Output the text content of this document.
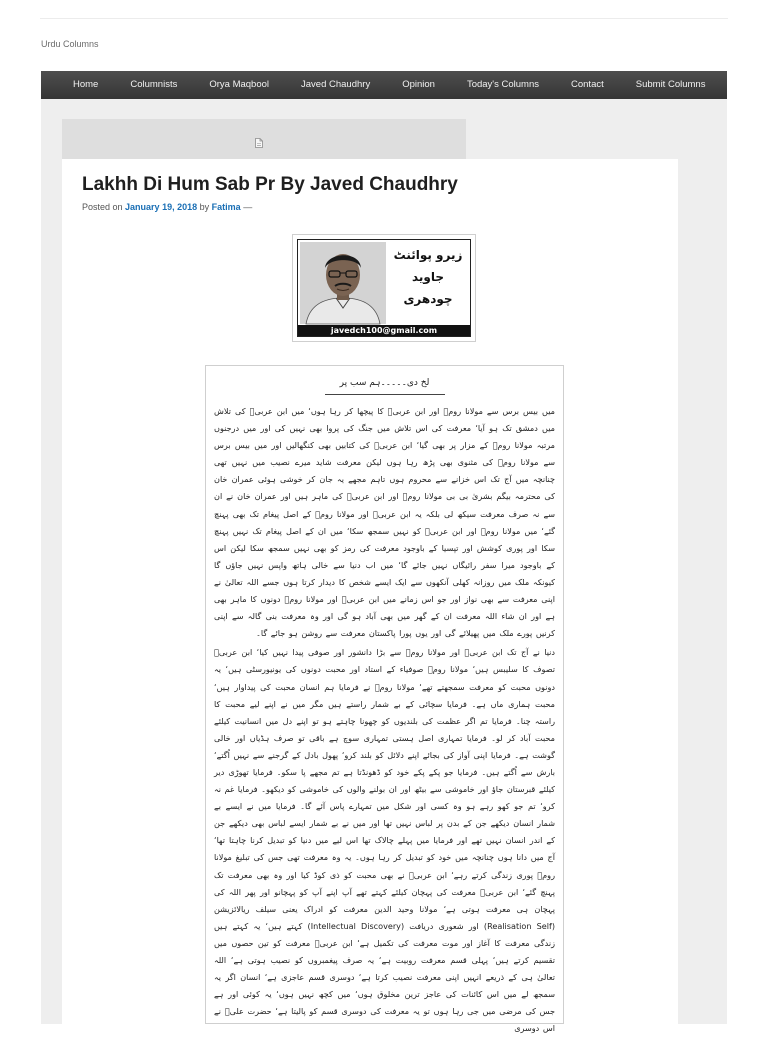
Urdu Columns
Home	Columnists	Orya Maqbool	Javed Chaudhry	Opinion	Today's Columns	Contact	Submit Columns
Lakhh Di Hum Sab Pr By Javed Chaudhry
Posted on January 19, 2018 by Fatima —
زیرو پوائنٹ
جاوید چودھری
javedch100@gmail.com
لخ دی۔۔۔۔۔ہم سب پر

میں بیس برس سے مولانا رومؒ اور ابن عربیؒ کا پیچھا کر رہا ہوں‘ میں ابن عربیؒ کی تلاش میں دمشق تک ہو آیا‘ معرفت کی اس تلاش میں جنگ کی پروا بھی نہیں کی اور میں درجنوں مرتبہ مولانا رومؒ کے مزار پر بھی گیا‘ ابن عربیؒ کی کتابیں بھی کنگھالیں اور میں بیس برس سے مولانا رومؒ کی مثنوی بھی پڑھ رہا ہوں لیکن معرفت شاید میرے نصیب میں نہیں تھی چنانچہ میں آج تک اس خزانے سے محروم ہوں تاہم مجھے یہ جان کر خوشی ہوئی عمران خان کی محترمہ بیگم بشریٰ بی بی مولانا رومؒ اور ابن عربیؒ کی ماہر ہیں اور عمران خان نے ان سے نہ صرف معرفت سیکھ لی بلکہ یہ ابن عربیؒ اور مولانا رومؒ کے اصل پیغام تک بھی پہنچ گئے‘ میں مولانا رومؒ اور ابن عربیؒ کو نہیں سمجھ سکا‘ میں ان کے اصل پیغام تک نہیں پہنچ سکا اور پوری کوشش اور تپسیا کے باوجود معرفت کی رمز کو بھی نہیں سمجھ سکا لیکن اس کے باوجود میرا سفر رائیگاں نہیں جائے گا‘ میں اب دنیا سے خالی ہاتھ واپس نہیں جاؤں گا کیونکہ ملک میں روزانہ کھلی آنکھوں سے ایک ایسے شخص کا دیدار کرتا ہوں جسے اللہ تعالیٰ نے اپنی معرفت سے بھی نواز اور جو اس زمانے میں ابن عربیؒ اور مولانا رومؒ دونوں کا ماہر بھی ہے اور ان شاء اللہ معرفت ان کے گھر میں بھی آباد ہو گی اور وہ معرفت بنی گالہ سے اپنی کرنیں پورے ملک میں پھیلائے گی اور یوں پورا پاکستان معرفت سے روشن ہو جائے گا۔

دنیا نے آج تک ابن عربیؒ اور مولانا رومؒ سے بڑا دانشور اور صوفی پیدا نہیں کیا‘ ابن عربیؒ تصوف کا سلیبس ہیں‘ مولانا رومؒ صوفیاء کے استاد اور محبت دونوں کی یونیورسٹی ہیں‘ یہ دونوں محبت کو معرفت سمجھتے تھے‘ مولانا رومؒ نے فرمایا ہم انسان محبت کی پیداوار ہیں‘ محبت ہماری ماں ہے۔ فرمایا سچائی کے بے شمار راستے ہیں مگر میں نے اپنے لیے محبت کا راستہ چنا۔ فرمایا تم اگر عظمت کی بلندیوں کو چھونا چاہتے ہو تو اپنے دل میں انسانیت کیلئے محبت آباد کر لو۔ فرمایا تمہاری اصل ہستی تمہاری سوچ ہے باقی تو صرف ہڈیاں اور خالی گوشت ہے۔ فرمایا اپنی آواز کی بجائے اپنے دلائل کو بلند کرو‘ پھول بادل کے گرجنے سے نہیں اُگتے‘ بارش سے اُگتے ہیں۔ فرمایا جو پکے پکے خود کو ڈھونڈتا ہے تم مجھے پا سکو۔ فرمایا تھوڑی دیر کیلئے قبرستان جاؤ اور خاموشی سے بیٹھ اور ان بولنے والوں کی خاموشی کو دیکھو۔ فرمایا غم نہ کرو‘ تم جو کھو رہے ہو وہ کسی اور شکل میں تمہارے پاس آئے گا۔ فرمایا میں نے ایسے بے شمار انسان دیکھے جن کے بدن پر لباس نہیں تھا اور میں نے بے شمار ایسے لباس بھی دیکھے جن کے اندر انسان نہیں تھے اور فرمایا میں پہلے چالاک تھا اس لیے میں دنیا کو تبدیل کرنا چاہتا تھا‘ آج میں دانا ہوں چنانچہ میں خود کو تبدیل کر رہا ہوں۔ یہ وہ معرفت تھی جس کی تبلیغ مولانا رومؒ پوری زندگی کرتے رہے‘ ابن عربیؒ نے بھی محبت کو ذی کوڈ کیا اور وہ بھی معرفت تک پہنچ گئے‘ ابن عربیؒ معرفت کی پہچان کیلئے کہتے تھے آپ اپنے آپ کو پہچانو اور پھر اللہ کی پہچان ہی معرفت ہوتی ہے‘ مولانا وحید الدین معرفت کو ادراک یعنی سیلف ریالائزیشن (Realisation Self) اور شعوری دریافت (Intellectual Discovery) کہتے ہیں‘ یہ کہتے ہیں زندگی معرفت کا آغاز اور موت معرفت کی تکمیل ہے‘ ابن عربیؒ معرفت کو تین حصوں میں تقسیم کرتے ہیں‘ پہلی قسم معرفت روبیت ہے‘ یہ صرف پیغمبروں کو نصیب ہوتی ہے‘ اللہ تعالیٰ ہی کے ذریعے انہیں اپنی معرفت نصیب کرتا ہے‘ دوسری قسم عاجزی ہے‘ انسان اگر یہ سمجھ لے میں اس کائنات کی عاجز ترین مخلوق ہوں‘ میں کچھ نہیں ہوں‘ یہ کوئی اور ہے جس کی مرضی میں جی رہا ہوں تو یہ معرفت کی دوسری قسم کو پالیتا ہے‘ حضرت علیؓ نے اس دوسری
